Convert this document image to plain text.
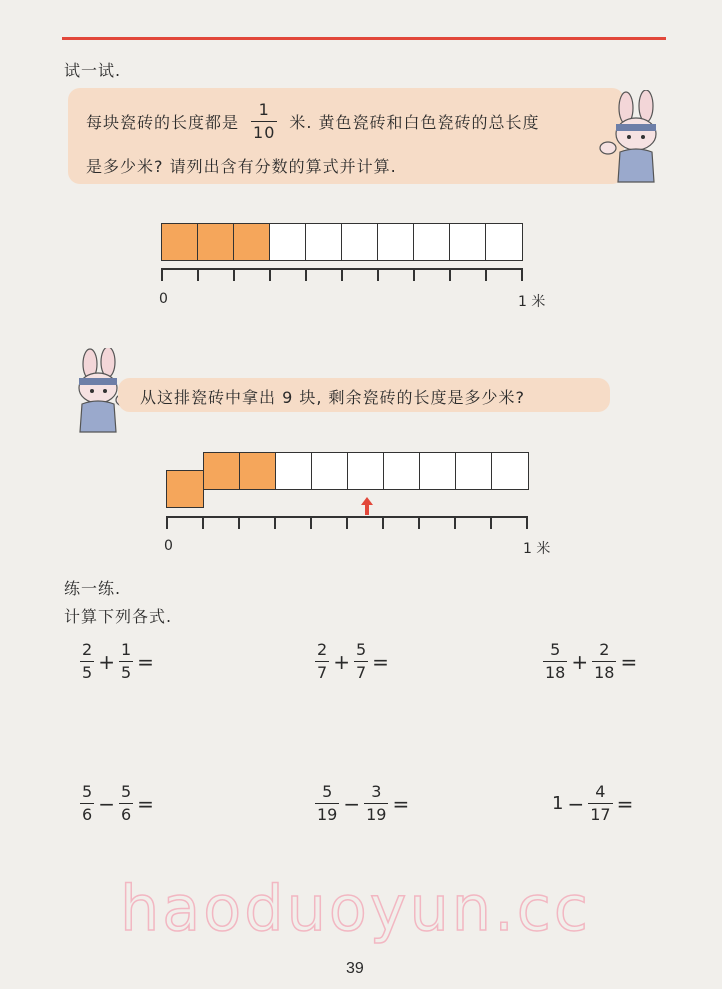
试一试.
每块瓷砖的长度都是 $\frac{1}{10}$ 米. 黄色瓷砖和白色瓷砖的总长度
是多少米? 请列出含有分数的算式并计算.
0	1 米
从这排瓷砖中拿出 9 块, 剩余瓷砖的长度是多少米?
0	1 米
练一练.
计算下列各式.
$\frac{2}{5} + \frac{1}{5}$ =	$\frac{2}{7} + \frac{5}{7}$ =	$\frac{5}{18} + \frac{2}{18}$ =
$\frac{5}{6} - \frac{5}{6}$ =	$\frac{5}{19} - \frac{3}{19}$ =	$1 - \frac{4}{17}$ =
haoduoyun.cc
39
